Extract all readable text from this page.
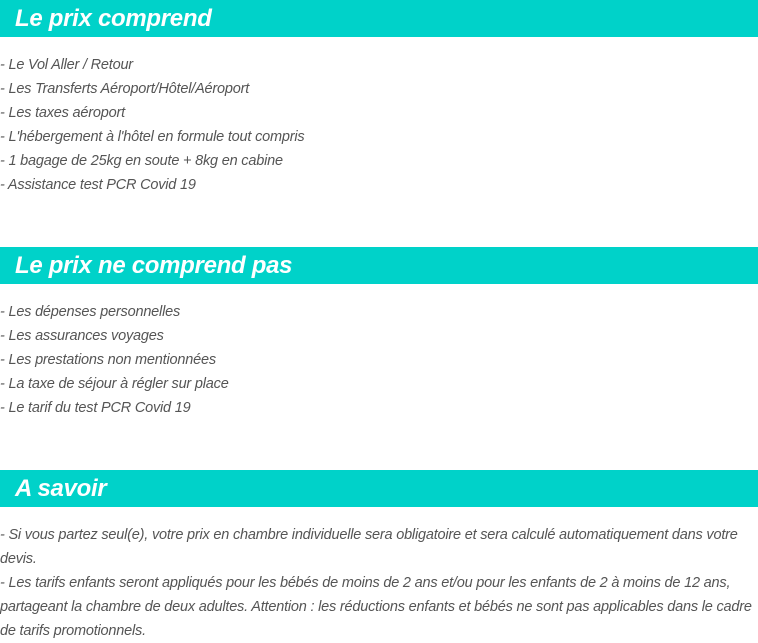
Le prix comprend
- Le Vol Aller / Retour
- Les Transferts Aéroport/Hôtel/Aéroport
- Les taxes aéroport
- L'hébergement à l'hôtel en formule tout compris
- 1 bagage de 25kg en soute + 8kg en cabine
- Assistance test PCR Covid 19
Le prix ne comprend pas
- Les dépenses personnelles
- Les assurances voyages
- Les prestations non mentionnées
- La taxe de séjour à régler sur place
- Le tarif du test PCR Covid 19
A savoir

- Si vous partez seul(e), votre prix en chambre individuelle sera obligatoire et sera calculé automatiquement dans votre devis.

- Les tarifs enfants seront appliqués pour les bébés de moins de 2 ans et/ou pour les enfants de 2 à moins de 12 ans, partageant la chambre de deux adultes. Attention : les réductions enfants et bébés ne sont pas applicables dans le cadre de tarifs promotionnels.
